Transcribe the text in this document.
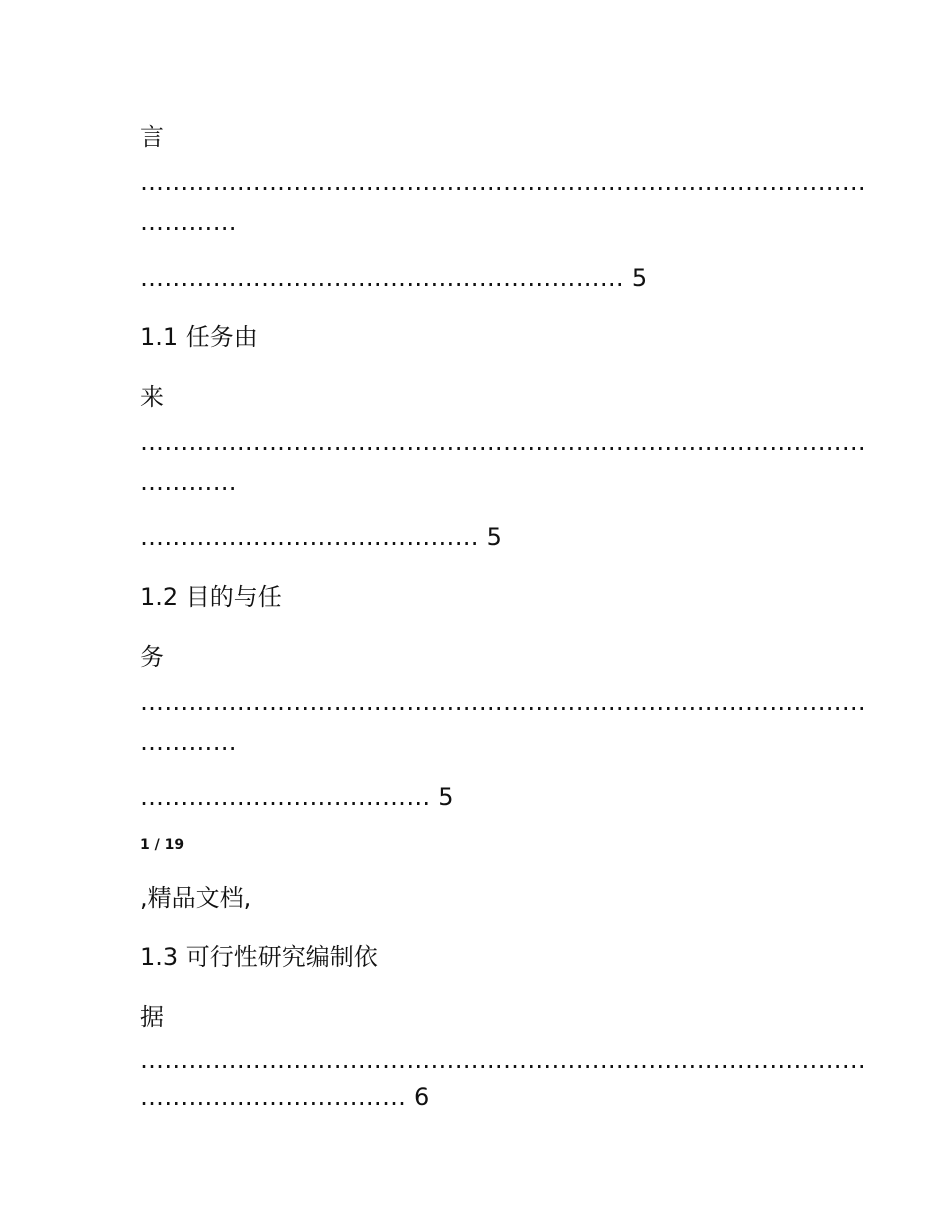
言
………………………………………………………………………………
…………
…………………………………………………… 5
1.1 任务由
来
………………………………………………………………………………
…………
…………………………………… 5
1.2 目的与任
务
………………………………………………………………………………
…………
……………………………… 5
1 / 19
,精品文档,
1.3 可行性研究编制依
据
………………………………………………………………………………
…………………………… 6
